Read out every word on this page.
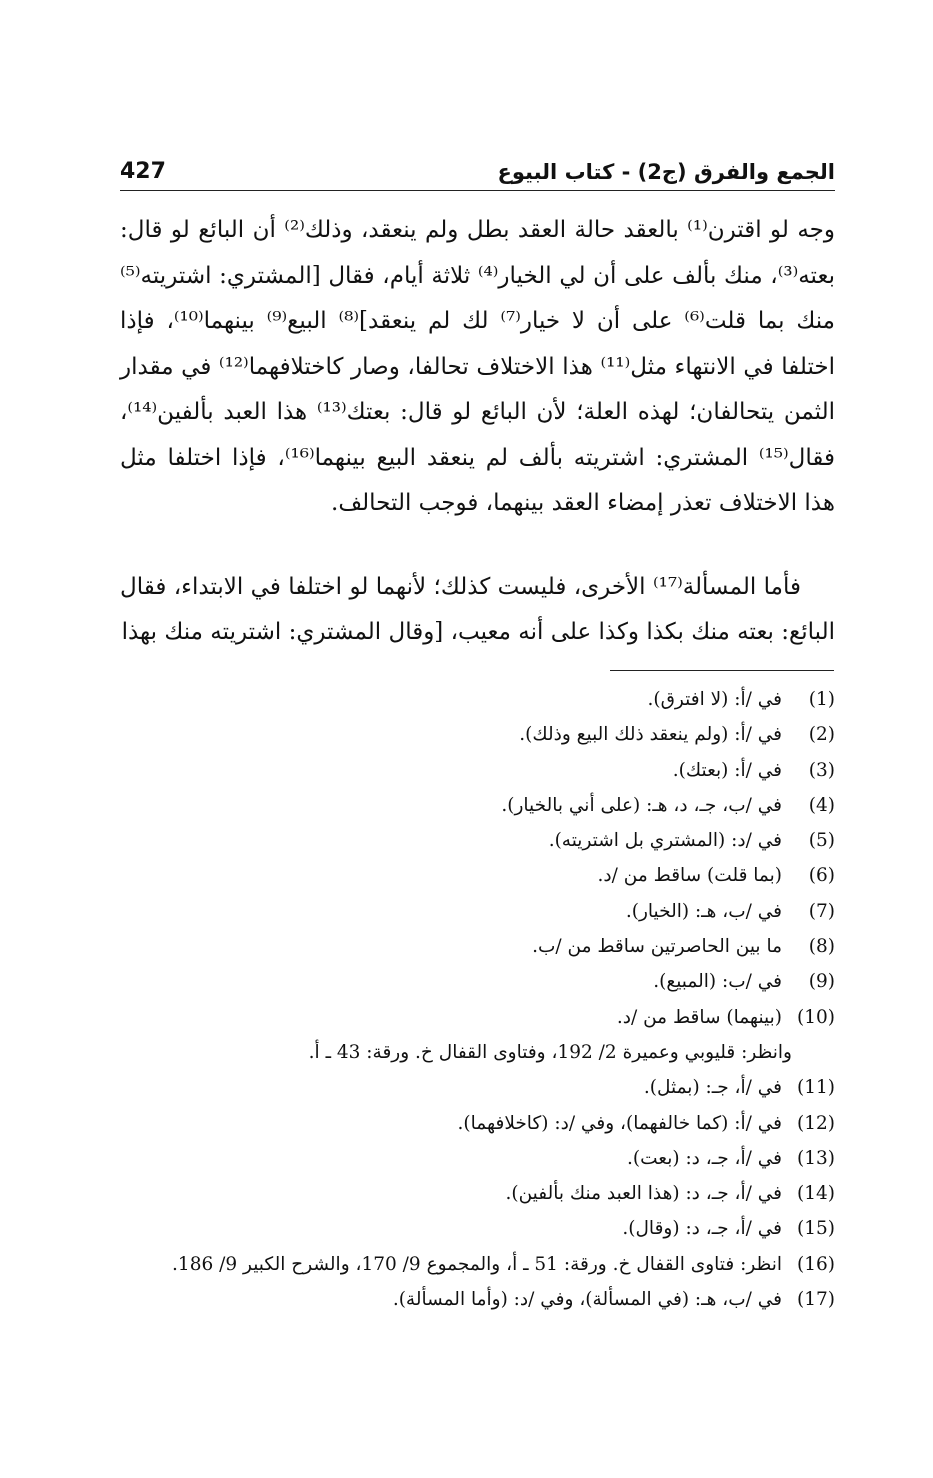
الجمع والفرق (ج2) - كتاب البيوع
427

وجه لو اقترن⁽¹⁾ بالعقد حالة العقد بطل ولم ينعقد، وذلك⁽²⁾ أن البائع لو قال: بعته⁽³⁾، منك بألف على أن لي الخيار⁽⁴⁾ ثلاثة أيام، فقال [المشتري: اشتريته⁽⁵⁾ منك بما قلت⁽⁶⁾ على أن لا خيار⁽⁷⁾ لك لم ينعقد]⁽⁸⁾ البيع⁽⁹⁾ بينهما⁽¹⁰⁾، فإذا اختلفا في الانتهاء مثل⁽¹¹⁾ هذا الاختلاف تحالفا، وصار كاختلافهما⁽¹²⁾ في مقدار الثمن يتحالفان؛ لهذه العلة؛ لأن البائع لو قال: بعتك⁽¹³⁾ هذا العبد بألفين⁽¹⁴⁾، فقال⁽¹⁵⁾ المشتري: اشتريته بألف لم ينعقد البيع بينهما⁽¹⁶⁾، فإذا اختلفا مثل هذا الاختلاف تعذر إمضاء العقد بينهما، فوجب التحالف.

فأما المسألة⁽¹⁷⁾ الأخرى، فليست كذلك؛ لأنهما لو اختلفا في الابتداء، فقال البائع: بعته منك بكذا وكذا على أنه معيب، [وقال المشتري: اشتريته منك بهذا

(1)
في /أ: (لا افترق).
(2)
في /أ: (ولم ينعقد ذلك البيع وذلك).
(3)
في /أ: (بعتك).
(4)
في /ب، جـ، د، هـ: (على أني بالخيار).
(5)
في /د: (المشتري بل اشتريته).
(6)
(بما قلت) ساقط من /د.
(7)
في /ب، هـ: (الخيار).
(8)
ما بين الحاصرتين ساقط من /ب.
(9)
في /ب: (المبيع).
(10)
(بينهما) ساقط من /د.
وانظر: قليوبي وعميرة 2/ 192، وفتاوى القفال خ. ورقة: 43 ـ أ.
(11)
في /أ، جـ: (بمثل).
(12)
في /أ: (كما خالفهما)، وفي /د: (كاخلافهما).
(13)
في /أ، جـ، د: (بعت).
(14)
في /أ، جـ، د: (هذا العبد منك بألفين).
(15)
في /أ، جـ، د: (وقال).
(16)
انظر: فتاوى القفال خ. ورقة: 51 ـ أ، والمجموع 9/ 170، والشرح الكبير 9/ 186.
(17)
في /ب، هـ: (في المسألة)، وفي /د: (وأما المسألة).
